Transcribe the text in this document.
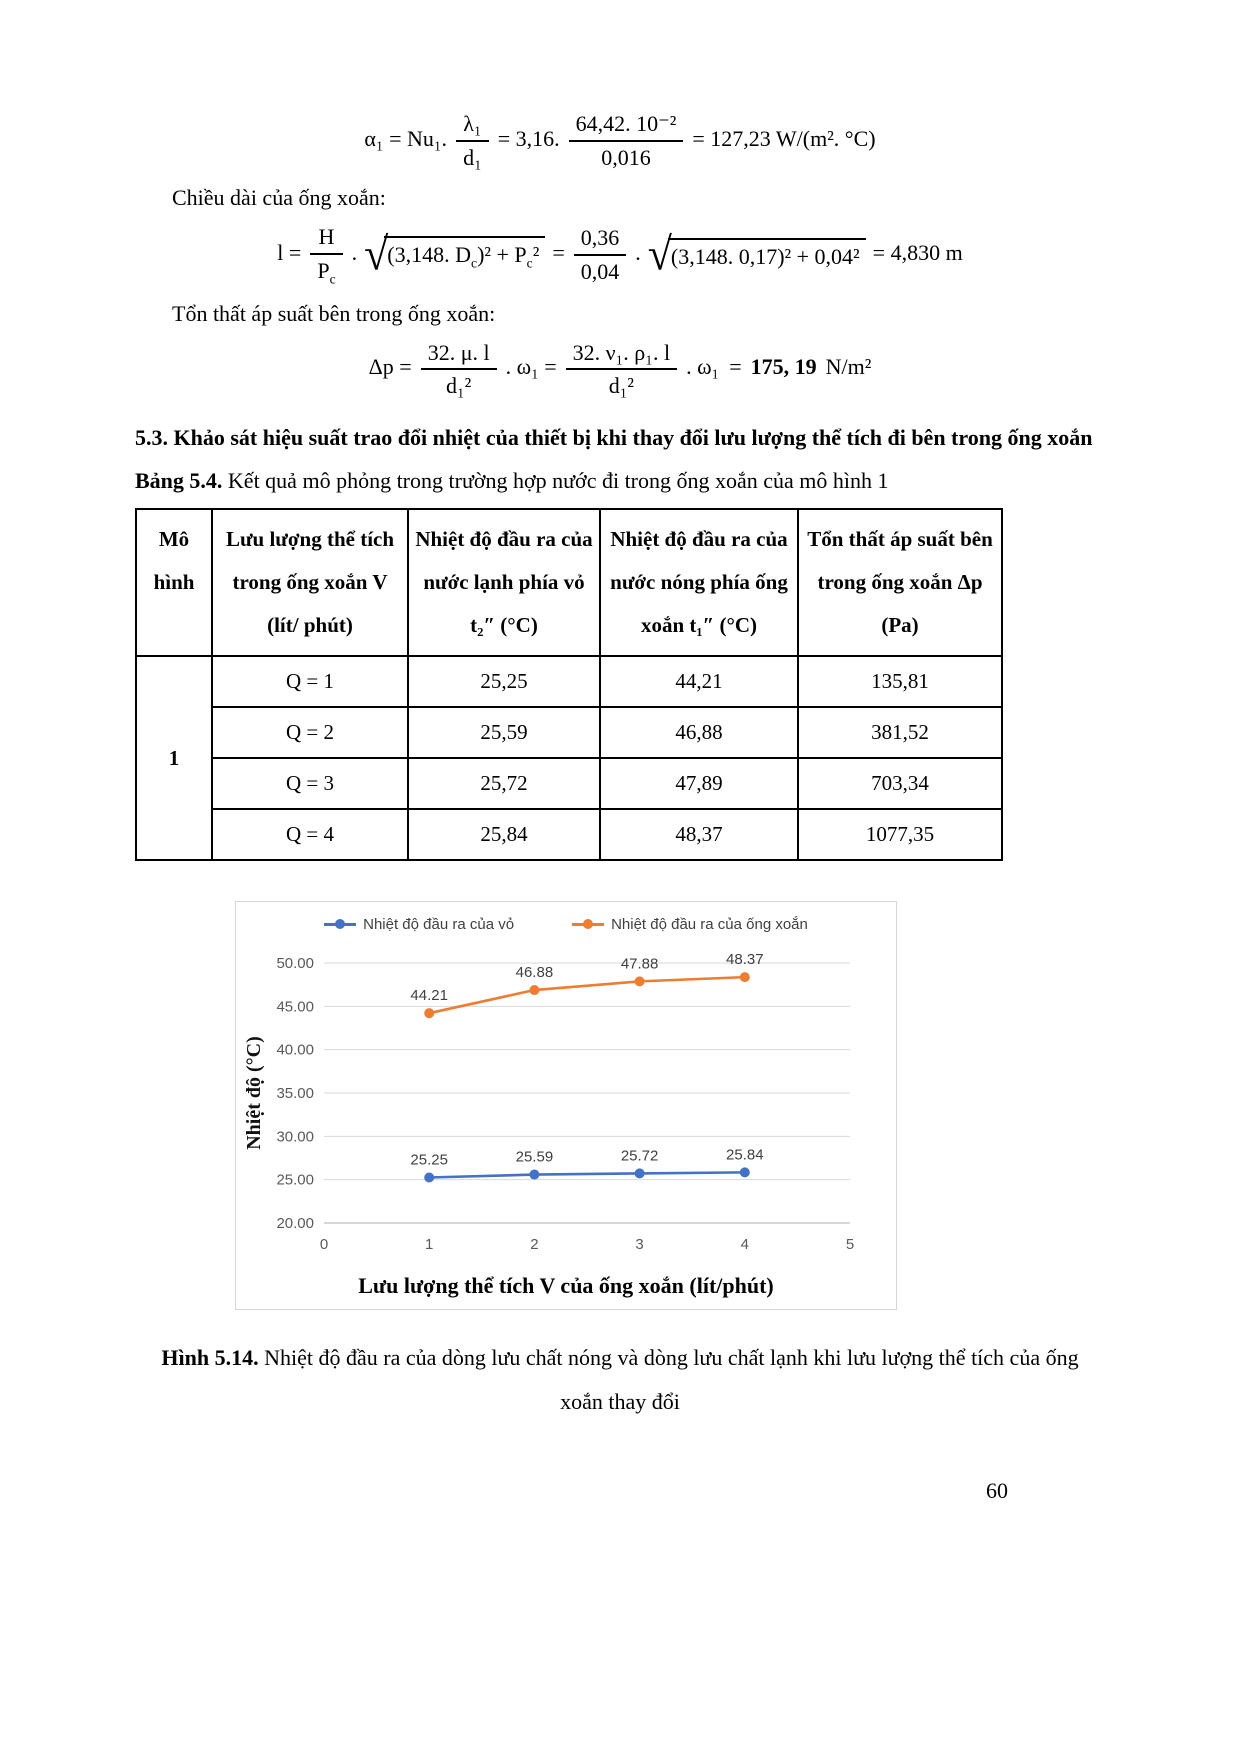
α₁ = Nu₁. $\frac{\text{λ₁}}{\text{d₁}} = 3,16$. $\frac{\text{64,42. 10⁻²}}{0,016} = 127,23$ W/(m². °C)

Chiều dài của ống xoắn:

$l = \frac{H}{P_c}$ . √ (3,148. $D_c)^2 + P_c^2 = \frac{0,36}{0,04}$ . √ (3,148. 0,17)² + 0,04² = 4,830 m

Tổn thất áp suất bên trong ống xoắn:

$\Delta p = \frac{32. \mu. l}{\text{d₁²}}$ . $\omega_1 = \frac{\text{32. ν₁. ρ₁. l}}{\text{d₁²}}$ . ω₁ = 175, 19 N/m²
5.3. Khảo sát hiệu suất trao đổi nhiệt của thiết bị khi thay đổi lưu lượng thể tích đi bên trong ống xoắn

Bảng 5.4. Kết quả mô phỏng trong trường hợp nước đi trong ống xoắn của mô hình 1

Mô hình	Lưu lượng thể tích trong ống xoắn V (lít/ phút)	Nhiệt độ đầu ra của nước lạnh phía vỏ t₂″ (°C)	Nhiệt độ đầu ra của nước nóng phía ống xoắn t₁″ (°C)	Tổn thất áp suất bên trong ống xoắn Δp (Pa)
1	Q = 1	25,25	44,21	135,81
	Q = 2	25,59	46,88	381,52
	Q = 3	25,72	47,89	703,34
	Q = 4	25,84	48,37	1077,35
Nhiệt độ đầu ra của vỏ	Nhiệt độ đầu ra của ống xoắn
20.00
25.00
30.00
35.00
40.00
45.00
50.00
0	1	2	3	4	5
25.25	25.59	25.72	25.84
44.21
46.88
47.88	48.37
Nhiệt độ (°C)
Lưu lượng thể tích V của ống xoắn (lít/phút)

Hình 5.14. Nhiệt độ đầu ra của dòng lưu chất nóng và dòng lưu chất lạnh khi lưu lượng thể tích của ống xoắn thay đổi

60
